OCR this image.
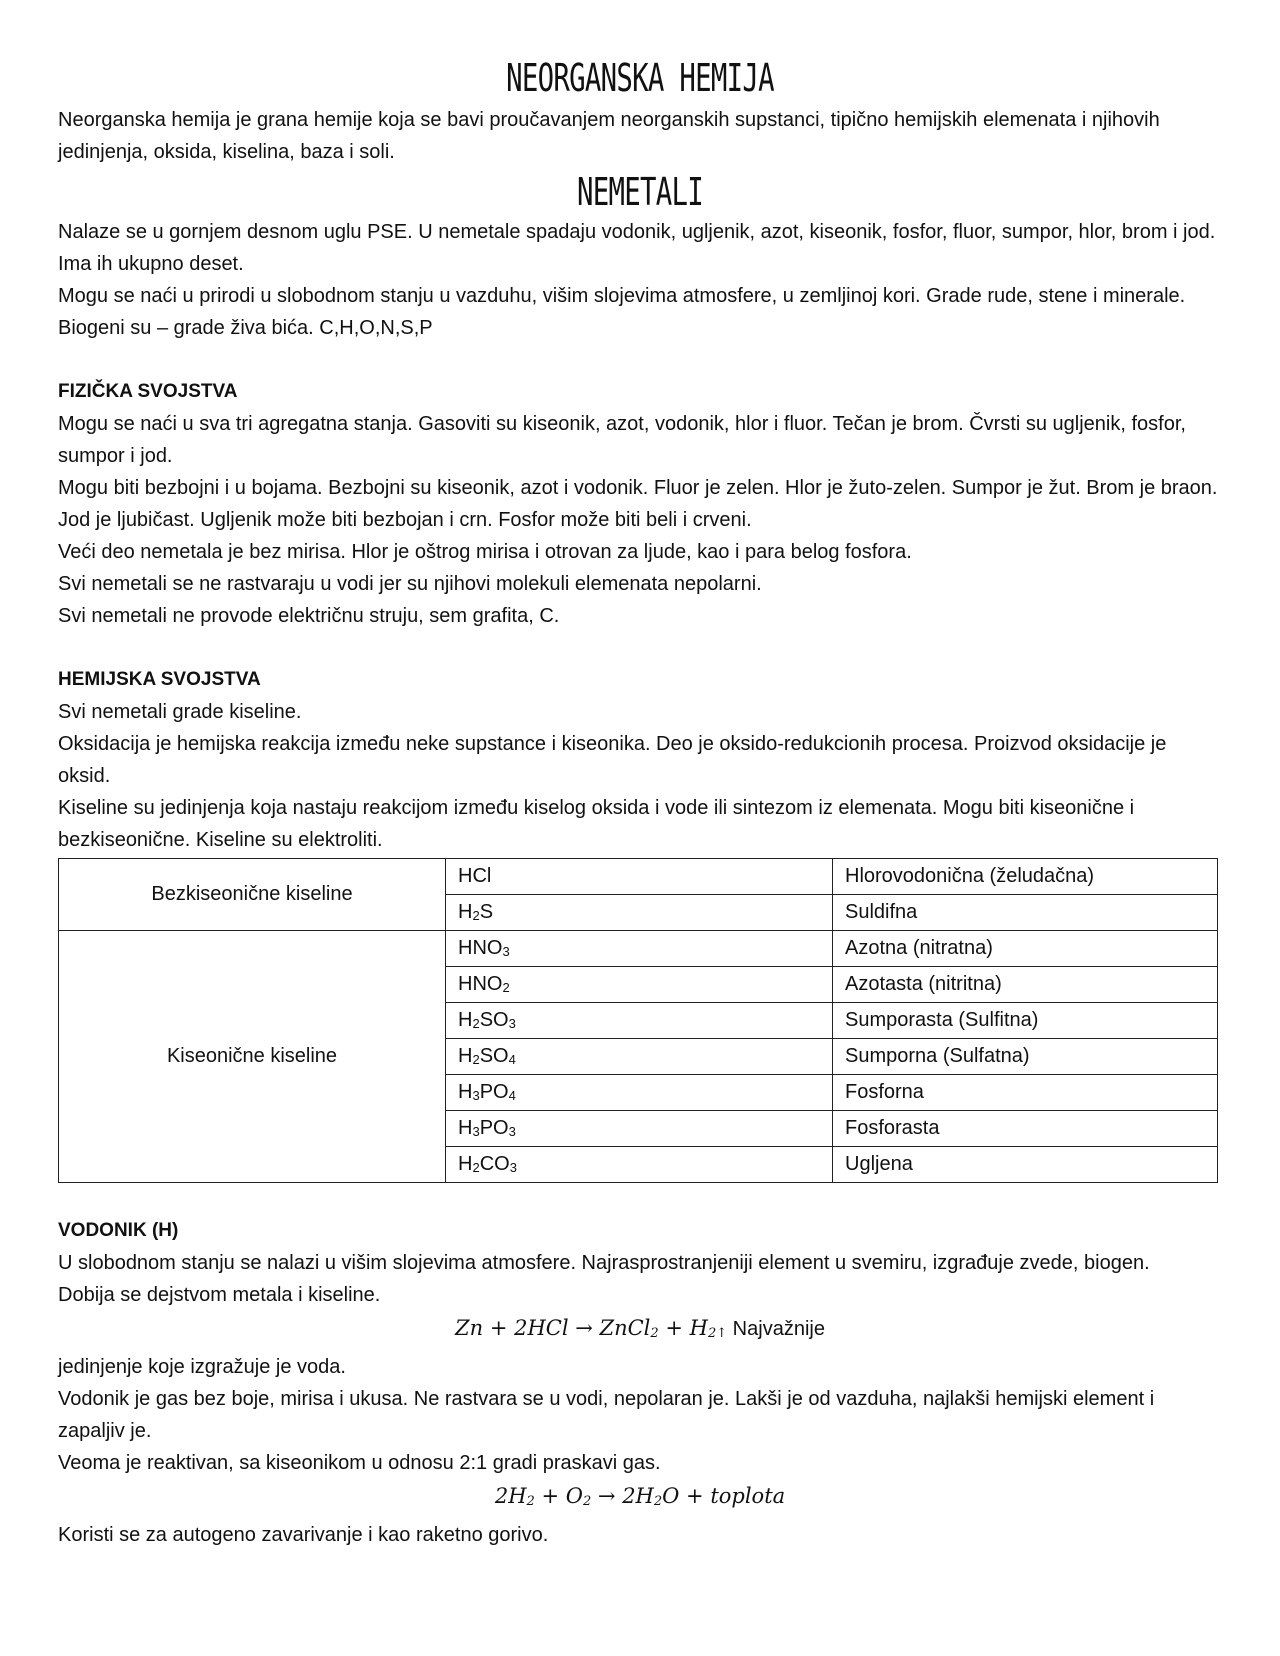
NEORGANSKA HEMIJA

Neorganska hemija je grana hemije koja se bavi proučavanjem neorganskih supstanci, tipično hemijskih elemenata i njihovih jedinjenja, oksida, kiselina, baza i soli.

NEMETALI

Nalaze se u gornjem desnom uglu PSE. U nemetale spadaju vodonik, ugljenik, azot, kiseonik, fosfor, fluor, sumpor, hlor, brom i jod. Ima ih ukupno deset.

Mogu se naći u prirodi u slobodnom stanju u vazduhu, višim slojevima atmosfere, u zemljinoj kori. Grade rude, stene i minerale.

Biogeni su – grade živa bića. C,H,O,N,S,P

FIZIČKA SVOJSTVA

Mogu se naći u sva tri agregatna stanja. Gasoviti su kiseonik, azot, vodonik, hlor i fluor. Tečan je brom. Čvrsti su ugljenik, fosfor, sumpor i jod.

Mogu biti bezbojni i u bojama. Bezbojni su kiseonik, azot i vodonik. Fluor je zelen. Hlor je žuto-zelen. Sumpor je žut. Brom je braon. Jod je ljubičast. Ugljenik može biti bezbojan i crn. Fosfor može biti beli i crveni.

Veći deo nemetala je bez mirisa. Hlor je oštrog mirisa i otrovan za ljude, kao i para belog fosfora.

Svi nemetali se ne rastvaraju u vodi jer su njihovi molekuli elemenata nepolarni.

Svi nemetali ne provode električnu struju, sem grafita, C.

HEMIJSKA SVOJSTVA

Svi nemetali grade kiseline.

Oksidacija je hemijska reakcija između neke supstance i kiseonika. Deo je oksido-redukcionih procesa. Proizvod oksidacije je oksid.

Kiseline su jedinjenja koja nastaju reakcijom između kiselog oksida i vode ili sintezom iz elemenata. Mogu biti kiseonične i bezkiseonične. Kiseline su elektroliti.

Bezkiseonične kiseline	HCl	Hlorovodonična (želudačna)
	$H_2S$	Suldifna
Kiseonične kiseline	$HNO_3$	Azotna (nitratna)
	$HNO_2$	Azotasta (nitritna)
	$H_2SO_3$	Sumporasta (Sulfitna)
	$H_2SO_4$	Sumporna (Sulfatna)
	$H_3PO_4$	Fosforna
	$H_3PO_3$	Fosforasta
	$H_2CO_3$	Ugljena

VODONIK (H)

U slobodnom stanju se nalazi u višim slojevima atmosfere. Najrasprostranjeniji element u svemiru, izgrađuje zvede, biogen.

Dobija se dejstvom metala i kiseline.

Zn + 2HCl → ZnCl$_2$ + $H_{2↑}$ Najvažnije

jedinjenje koje izgražuje je voda.

Vodonik je gas bez boje, mirisa i ukusa. Ne rastvara se u vodi, nepolaran je. Lakši je od vazduha, najlakši hemijski element i zapaljiv je.

Veoma je reaktivan, sa kiseonikom u odnosu 2:1 gradi praskavi gas.

$2H_2 + O_2 \to 2H_2O$ + toplota

Koristi se za autogeno zavarivanje i kao raketno gorivo.
